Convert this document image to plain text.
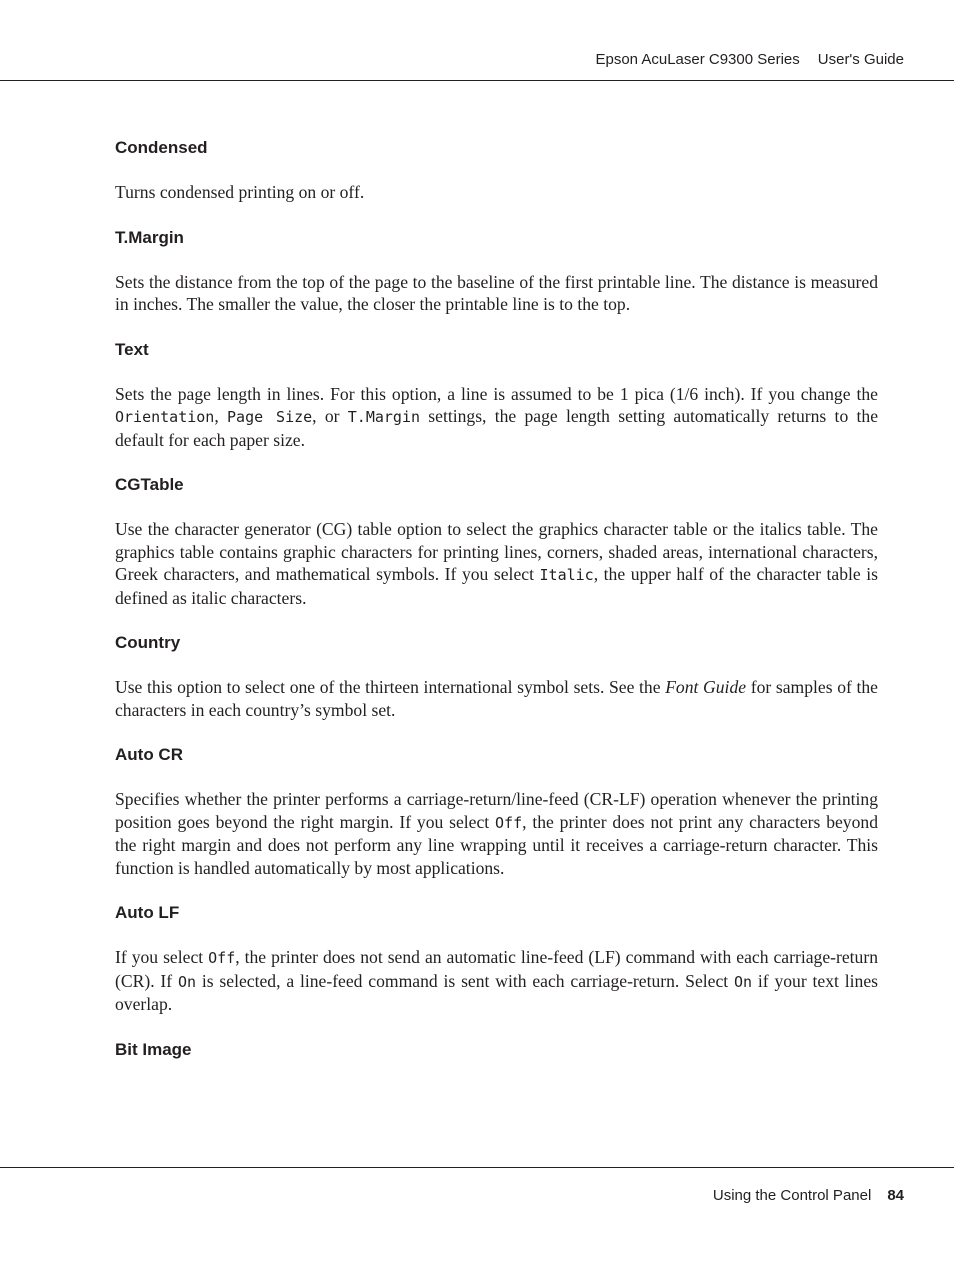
Epson AcuLaser C9300 Series User's Guide
Condensed

Turns condensed printing on or off.

T.Margin

Sets the distance from the top of the page to the baseline of the first printable line. The distance is measured in inches. The smaller the value, the closer the printable line is to the top.

Text

Sets the page length in lines. For this option, a line is assumed to be 1 pica (1/6 inch). If you change the Orientation, Page Size, or T.Margin settings, the page length setting automatically returns to the default for each paper size.

CGTable

Use the character generator (CG) table option to select the graphics character table or the italics table. The graphics table contains graphic characters for printing lines, corners, shaded areas, international characters, Greek characters, and mathematical symbols. If you select Italic, the upper half of the character table is defined as italic characters.

Country

Use this option to select one of the thirteen international symbol sets. See the Font Guide for samples of the characters in each country’s symbol set.

Auto CR

Specifies whether the printer performs a carriage-return/line-feed (CR-LF) operation whenever the printing position goes beyond the right margin. If you select Off, the printer does not print any characters beyond the right margin and does not perform any line wrapping until it receives a carriage-return character. This function is handled automatically by most applications.

Auto LF

If you select Off, the printer does not send an automatic line-feed (LF) command with each carriage-return (CR). If On is selected, a line-feed command is sent with each carriage-return. Select On if your text lines overlap.

Bit Image
Using the Control Panel 84
